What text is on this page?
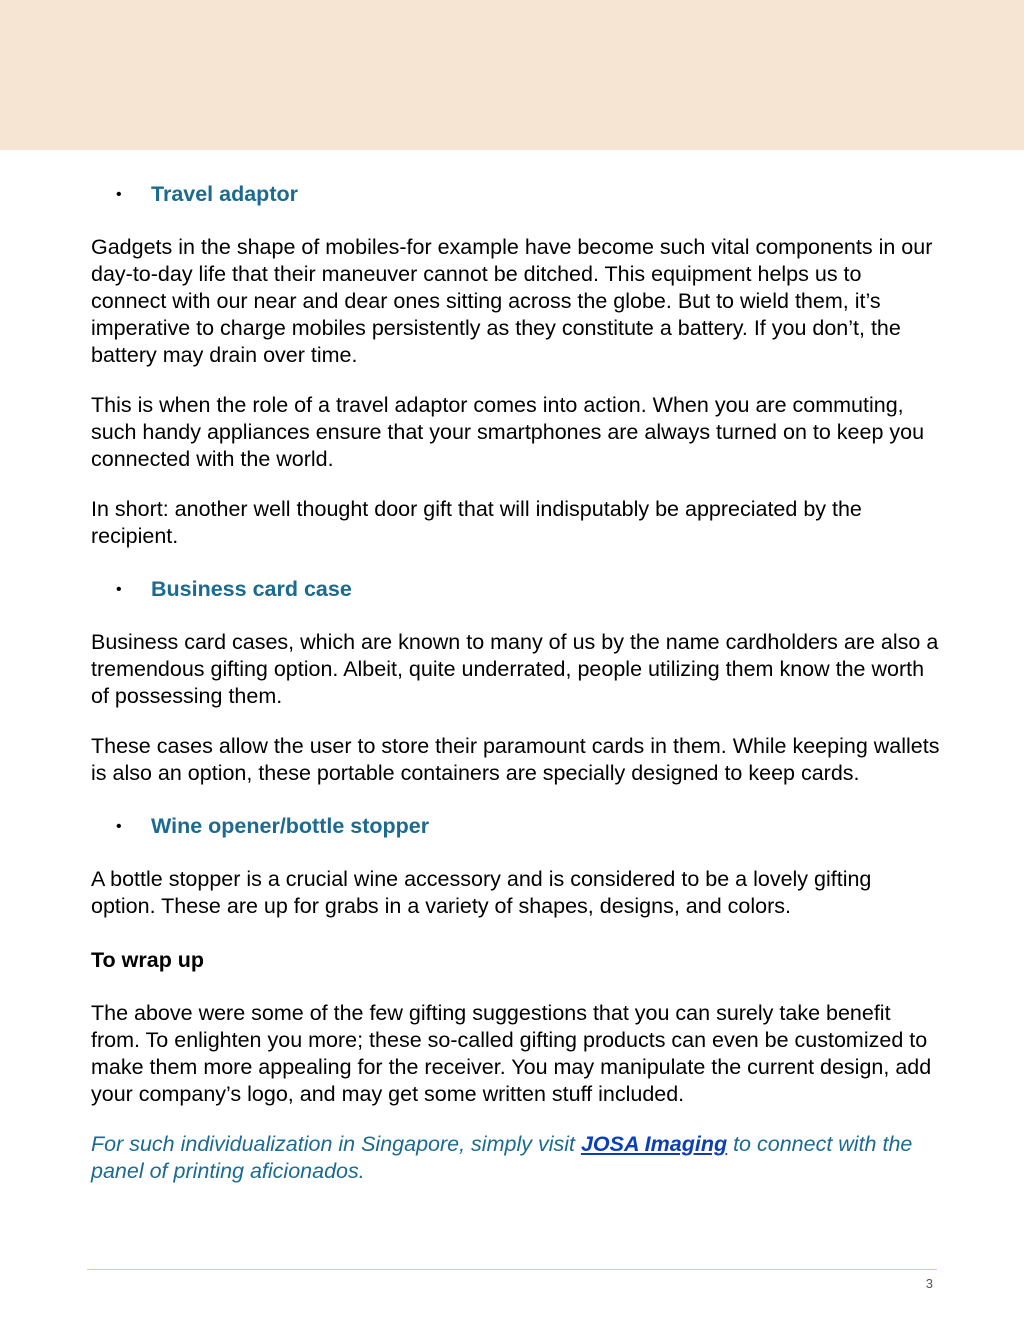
• Travel adaptor

Gadgets in the shape of mobiles-for example have become such vital components in our day-to-day life that their maneuver cannot be ditched. This equipment helps us to connect with our near and dear ones sitting across the globe. But to wield them, it’s imperative to charge mobiles persistently as they constitute a battery. If you don’t, the battery may drain over time.

This is when the role of a travel adaptor comes into action. When you are commuting, such handy appliances ensure that your smartphones are always turned on to keep you connected with the world.

In short: another well thought door gift that will indisputably be appreciated by the recipient.

• Business card case

Business card cases, which are known to many of us by the name cardholders are also a tremendous gifting option. Albeit, quite underrated, people utilizing them know the worth of possessing them.

These cases allow the user to store their paramount cards in them. While keeping wallets is also an option, these portable containers are specially designed to keep cards.

• Wine opener/bottle stopper

A bottle stopper is a crucial wine accessory and is considered to be a lovely gifting option. These are up for grabs in a variety of shapes, designs, and colors.

To wrap up

The above were some of the few gifting suggestions that you can surely take benefit from. To enlighten you more; these so-called gifting products can even be customized to make them more appealing for the receiver. You may manipulate the current design, add your company’s logo, and may get some written stuff included.

For such individualization in Singapore, simply visit JOSA Imaging to connect with the panel of printing aficionados.

3
